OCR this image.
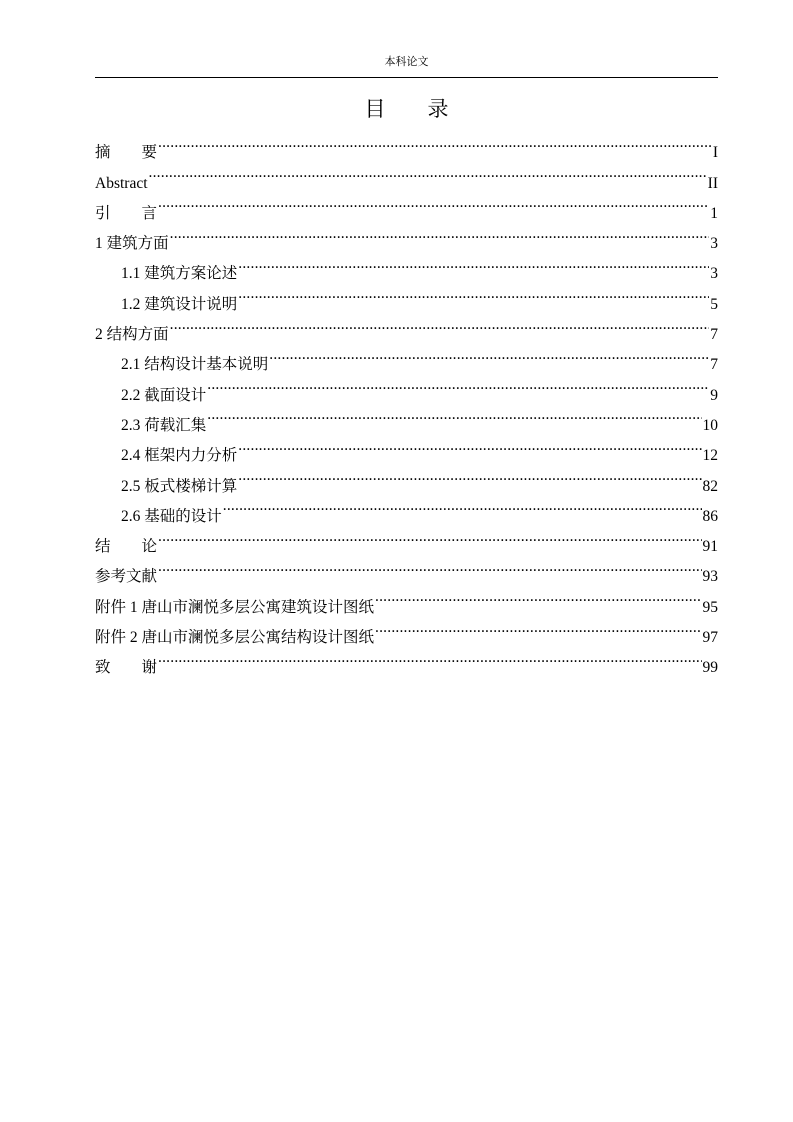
本科论文
目 录
摘　　要 .....	I
Abstract .....	II
引　　言 .....	1
1 建筑方面 .....	3
1.1 建筑方案论述 .....	3
1.2 建筑设计说明 .....	5
2 结构方面 .....	7
2.1 结构设计基本说明 .....	7
2.2 截面设计 .....	9
2.3 荷载汇集 .....	10
2.4 框架内力分析 .....	12
2.5 板式楼梯计算 .....	82
2.6 基础的设计 .....	86
结　　论 .....	91
参考文献 .....	93
附件 1 唐山市澜悦多层公寓建筑设计图纸 .....	95
附件 2 唐山市澜悦多层公寓结构设计图纸 .....	97
致　　谢 .....	99
